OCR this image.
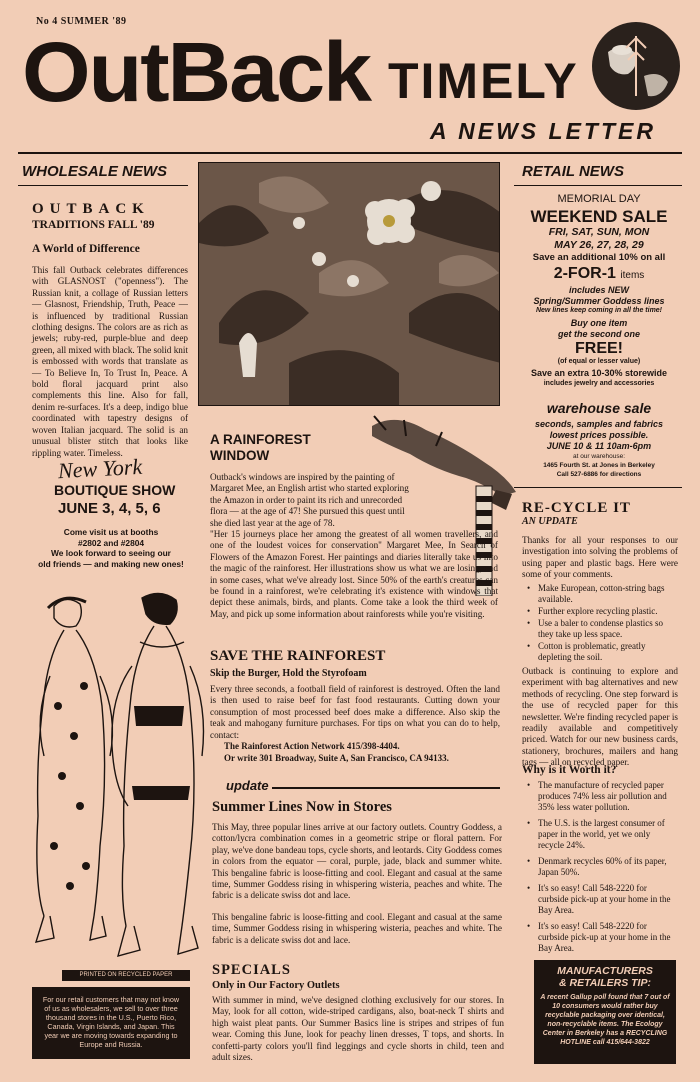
No 4 SUMMER '89
OutBack TIMELY
A NEWS LETTER
WHOLESALE NEWS
OUTBACK
TRADITIONS FALL '89
A World of Difference
This fall Outback celebrates differences with GLASNOST ("openness"). The Russian knit, a collage of Russian letters — Glasnost, Friendship, Truth, Peace — is influenced by traditional Russian clothing designs. The colors are as rich as jewels; ruby-red, purple-blue and deep green, all mixed with black. The solid knit is embossed with words that translate as — To Believe In, To Trust In, Peace. A bold floral jacquard print also complements this line. Also for fall, denim re-surfaces. It's a deep, indigo blue coordinated with tapestry designs of woven Italian jacquard. The solid is an unusual blister stitch that looks like rippling water. Timeless.
New York
BOUTIQUE SHOW
JUNE 3, 4, 5, 6
Come visit us at booths
#2802 and #2804
We look forward to seeing our
old friends — and making new ones!
PRINTED ON RECYCLED PAPER
For our retail customers that may not know of us as wholesalers, we sell to over three thousand stores in the U.S., Puerto Rico, Canada, Virgin Islands, and Japan. This year we are moving towards expanding to Europe and Russia.
A RAINFOREST
WINDOW
Outback's windows are inspired by the painting of Margaret Mee, an English artist who started exploring the Amazon in order to paint its rich and unrecorded flora — at the age of 47! She pursued this quest until she died last year at the age of 78.
"Her 15 journeys place her among the greatest of all women travellers, and one of the loudest voices for conservation" Margaret Mee, In Search of Flowers of the Amazon Forest. Her paintings and diaries literally take us into the magic of the rainforest. Her illustrations show us what we are losing, and in some cases, what we've already lost. Since 50% of the earth's creatures can be found in a rainforest, we're celebrating it's existence with windows that depict these animals, birds, and plants. Come take a look the third week of May, and pick up some information about rainforests while you're visiting.
SAVE THE RAINFOREST
Skip the Burger, Hold the Styrofoam
Every three seconds, a football field of rainforest is destroyed. Often the land is then used to raise beef for fast food restaurants. Cutting down your consumption of most processed beef does make a difference. Also skip the teak and mahogany furniture purchases. For tips on what you can do to help, contact:
The Rainforest Action Network 415/398-4404.
Or write 301 Broadway, Suite A, San Francisco, CA 94133.
update
Summer Lines Now in Stores
This May, three popular lines arrive at our factory outlets. Country Goddess, a cotton/lycra combination comes in a geometric stripe or floral pattern. For play, we've done bandeau tops, cycle shorts, and leotards. City Goddess comes in colors from the equator — coral, purple, jade, black and summer white. This bengaline fabric is loose-fitting and cool. Elegant and casual at the same time, Summer Goddess rising in whispering wisteria, peaches and white. The fabric is a delicate swiss dot and lace.
This bengaline fabric is loose-fitting and cool. Elegant and casual at the same time, Summer Goddess rising in whispering wisteria, peaches and white. The fabric is a delicate swiss dot and lace.
SPECIALS
Only in Our Factory Outlets
With summer in mind, we've designed clothing exclusively for our stores. In May, look for all cotton, wide-striped cardigans, also, boat-neck T shirts and high waist pleat pants. Our Summer Basics line is stripes and stripes of fun wear. Coming this June, look for peachy linen dresses, T tops, and shorts. In confetti-party colors you'll find leggings and cycle shorts in child, teen and adult sizes.
RETAIL NEWS
MEMORIAL DAY
WEEKEND SALE
FRI, SAT, SUN, MON
MAY 26, 27, 28, 29
Save an additional 10% on all
2-FOR-1 items
includes NEW
Spring/Summer Goddess lines
New lines keep coming in all the time!
Buy one item
get the second one
FREE!
(of equal or lesser value)
Save an extra 10-30% storewide
includes jewelry and accessories
warehouse sale
seconds, samples and fabrics
lowest prices possible.
JUNE 10 & 11 10am-6pm
at our warehouse:
1465 Fourth St. at Jones in Berkeley
Call 527-6886 for directions
RE-CYCLE IT
AN UPDATE
Thanks for all your responses to our investigation into solving the problems of using paper and plastic bags. Here were some of your comments.
• Make European, cotton-string bags available.
• Further explore recycling plastic.
• Use a baler to condense plastics so they take up less space.
• Cotton is problematic, greatly depleting the soil.
Outback is continuing to explore and experiment with bag alternatives and new methods of recycling. One step forward is the use of recycled paper for this newsletter. We're finding recycled paper is readily available and competitively priced. Watch for our new business cards, stationery, brochures, mailers and hang tags — all on recycled paper.
Why is it Worth it?
• The manufacture of recycled paper produces 74% less air pollution and 35% less water pollution.
• The U.S. is the largest consumer of paper in the world, yet we only recycle 24%.
• Denmark recycles 60% of its paper, Japan 50%.
• It's so easy! Call 548-2220 for curbside pick-up at your home in the Bay Area.
• It's so easy! Call 548-2220 for curbside pick-up at your home in the Bay Area.
MANUFACTURERS
& RETAILERS TIP:
A recent Gallup poll found that 7 out of 10 consumers would rather buy recyclable packaging over identical, non-recyclable items. The Ecology Center in Berkeley has a RECYCLING HOTLINE call 415/644-3822
